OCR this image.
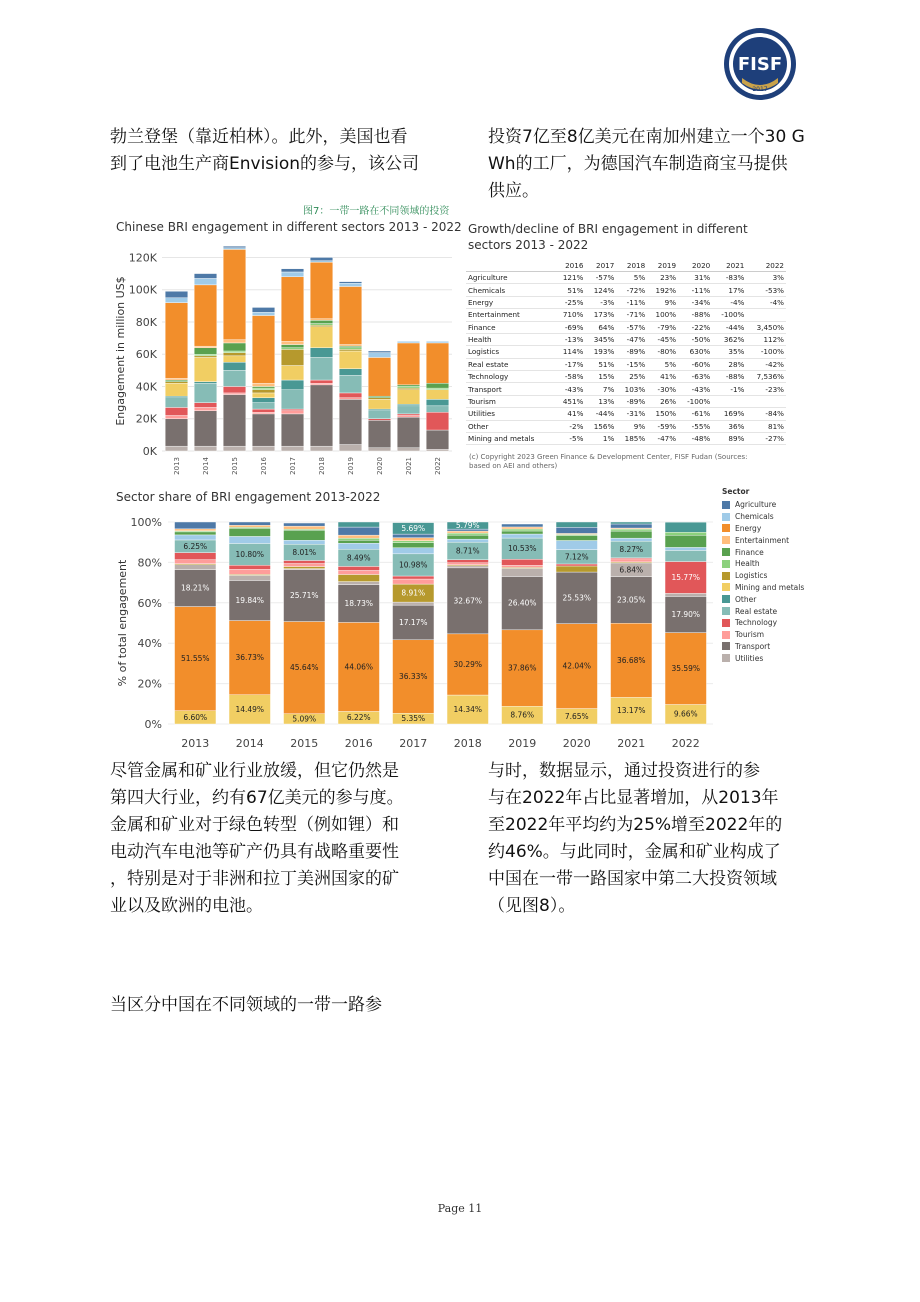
FISF
2017
勃兰登堡（靠近柏林）。此外，美国也看
到了电池生产商Envision的参与，该公司
投资7亿至8亿美元在南加州建立一个30 G
Wh的工厂，为德国汽车制造商宝马提供
供应。
图7：一带一路在不同领域的投资
Chinese BRI engagement in different sectors 2013 - 2022
0K
20K
40K
60K
80K
100K
120K
Engagement in million US$
2013	2014	2015	2016	2017	2018	2019	2020	2021	2022
Growth/decline of BRI engagement in different sectors 2013 - 2022
	2016	2017	2018	2019	2020	2021	2022
Agriculture	121%	-57%	5%	23%	31%	-83%	3%
Chemicals	51%	124%	-72%	192%	-11%	17%	-53%
Energy	-25%	-3%	-11%	9%	-34%	-4%	-4%
Entertainment	710%	173%	-71%	100%	-88%	-100%	
Finance	-69%	64%	-57%	-79%	-22%	-44%	3,450%
Health	-13%	345%	-47%	-45%	-50%	362%	112%
Logistics	114%	193%	-89%	-80%	630%	35%	-100%
Real estate	-17%	51%	-15%	5%	-60%	28%	-42%
Technology	-58%	15%	25%	41%	-63%	-88%	7,536%
Transport	-43%	7%	103%	-30%	-43%	-1%	-23%
Tourism	451%	13%	-89%	26%	-100%		
Utilities	41%	-44%	-31%	150%	-61%	169%	-84%
Other	-2%	156%	9%	-59%	-55%	36%	81%
Mining and metals	-5%	1%	185%	-47%	-48%	89%	-27%
(c) Copyright 2023 Green Finance & Development Center, FISF Fudan (Sources: based on AEI and others)
Sector share of BRI engagement 2013-2022
0%
20%
40%
60%
80%
100%
% of total engagement
6.60%
51.55%
18.21%
6.25%
2013
14.49%
36.73%
19.84%
10.80%
2014
5.09%
45.64%
25.71%
8.01%
2015
6.22%
44.06%
18.73%
8.49%
2016
5.35%
36.33%
17.17%
8.91%
10.98%
5.69%
2017
14.34%
30.29%
32.67%
8.71%
5.79%
2018
8.76%
37.86%
26.40%
10.53%
2019
7.65%
42.04%
25.53%
7.12%
2020
13.17%
36.68%
23.05%
6.84%
8.27%
2021
9.66%
35.59%
17.90%
15.77%
2022
Sector
Agriculture
Chemicals
Energy
Entertainment
Finance
Health
Logistics
Mining and metals
Other
Real estate
Technology
Tourism
Transport
Utilities
尽管金属和矿业行业放缓，但它仍然是
第四大行业，约有67亿美元的参与度。
金属和矿业对于绿色转型（例如锂）和
电动汽车电池等矿产仍具有战略重要性
，特别是对于非洲和拉丁美洲国家的矿
业以及欧洲的电池。
与时，数据显示，通过投资进行的参
与在2022年占比显著增加，从2013年
至2022年平均约为25%增至2022年的
约46%。与此同时，金属和矿业构成了
中国在一带一路国家中第二大投资领域
（见图8）。
当区分中国在不同领域的一带一路参
Page 11
